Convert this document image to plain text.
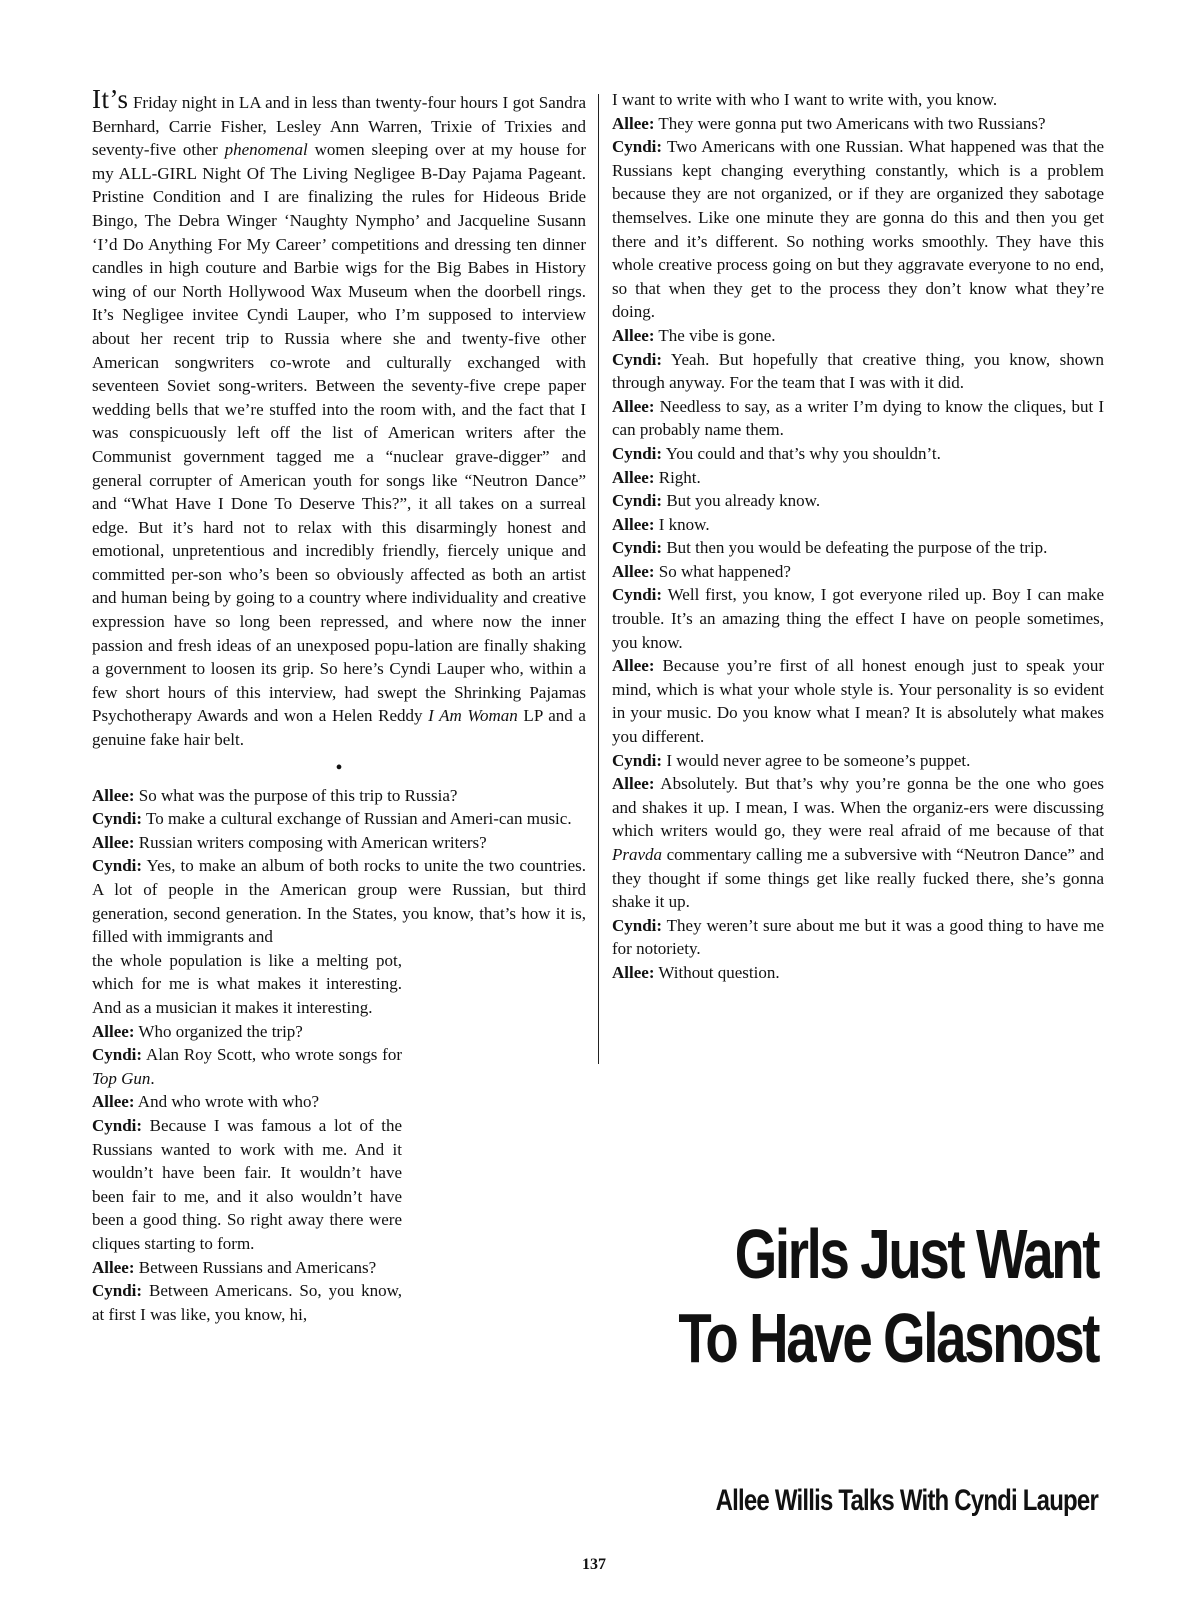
It’s Friday night in LA and in less than twenty-four hours I got Sandra Bernhard, Carrie Fisher, Lesley Ann Warren, Trixie of Trixies and seventy-five other phenomenal women sleeping over at my house for my ALL-GIRL Night Of The Living Negligee B-Day Pajama Pageant. Pristine Condition and I are finalizing the rules for Hideous Bride Bingo, The Debra Winger ‘Naughty Nympho’ and Jacqueline Susann ‘I’d Do Anything For My Career’ competitions and dressing ten dinner candles in high couture and Barbie wigs for the Big Babes in History wing of our North Hollywood Wax Museum when the doorbell rings. It’s Negligee invitee Cyndi Lauper, who I’m supposed to interview about her recent trip to Russia where she and twenty-five other American songwriters co-wrote and culturally exchanged with seventeen Soviet song-writers. Between the seventy-five crepe paper wedding bells that we’re stuffed into the room with, and the fact that I was conspicuously left off the list of American writers after the Communist government tagged me a “nuclear grave-digger” and general corrupter of American youth for songs like “Neutron Dance” and “What Have I Done To Deserve This?”, it all takes on a surreal edge. But it’s hard not to relax with this disarmingly honest and emotional, unpretentious and incredibly friendly, fiercely unique and committed per-son who’s been so obviously affected as both an artist and human being by going to a country where individuality and creative expression have so long been repressed, and where now the inner passion and fresh ideas of an unexposed popu-lation are finally shaking a government to loosen its grip. So here’s Cyndi Lauper who, within a few short hours of this interview, had swept the Shrinking Pajamas Psychotherapy Awards and won a Helen Reddy I Am Woman LP and a genuine fake hair belt.

•

Allee: So what was the purpose of this trip to Russia?

Cyndi: To make a cultural exchange of Russian and Ameri-can music.

Allee: Russian writers composing with American writers?

Cyndi: Yes, to make an album of both rocks to unite the two countries. A lot of people in the American group were Russian, but third generation, second generation. In the States, you know, that’s how it is, filled with immigrants and

the whole population is like a melting pot, which for me is what makes it interesting. And as a musician it makes it interesting.

Allee: Who organized the trip?

Cyndi: Alan Roy Scott, who wrote songs for Top Gun.

Allee: And who wrote with who?

Cyndi: Because I was famous a lot of the Russians wanted to work with me. And it wouldn’t have been fair. It wouldn’t have been fair to me, and it also wouldn’t have been a good thing. So right away there were cliques starting to form.

Allee: Between Russians and Americans?

Cyndi: Between Americans. So, you know, at first I was like, you know, hi,

I want to write with who I want to write with, you know.

Allee: They were gonna put two Americans with two Russians?

Cyndi: Two Americans with one Russian. What happened was that the Russians kept changing everything constantly, which is a problem because they are not organized, or if they are organized they sabotage themselves. Like one minute they are gonna do this and then you get there and it’s different. So nothing works smoothly. They have this whole creative process going on but they aggravate everyone to no end, so that when they get to the process they don’t know what they’re doing.

Allee: The vibe is gone.

Cyndi: Yeah. But hopefully that creative thing, you know, shown through anyway. For the team that I was with it did.

Allee: Needless to say, as a writer I’m dying to know the cliques, but I can probably name them.

Cyndi: You could and that’s why you shouldn’t.

Allee: Right.

Cyndi: But you already know.

Allee: I know.

Cyndi: But then you would be defeating the purpose of the trip.

Allee: So what happened?

Cyndi: Well first, you know, I got everyone riled up. Boy I can make trouble. It’s an amazing thing the effect I have on people sometimes, you know.

Allee: Because you’re first of all honest enough just to speak your mind, which is what your whole style is. Your personality is so evident in your music. Do you know what I mean? It is absolutely what makes you different.

Cyndi: I would never agree to be someone’s puppet.

Allee: Absolutely. But that’s why you’re gonna be the one who goes and shakes it up. I mean, I was. When the organiz-ers were discussing which writers would go, they were real afraid of me because of that Pravda commentary calling me a subversive with “Neutron Dance” and they thought if some things get like really fucked there, she’s gonna shake it up.

Cyndi: They weren’t sure about me but it was a good thing to have me for notoriety.

Allee: Without question.

Girls Just Want
To Have Glasnost
Allee Willis Talks With Cyndi Lauper
137
